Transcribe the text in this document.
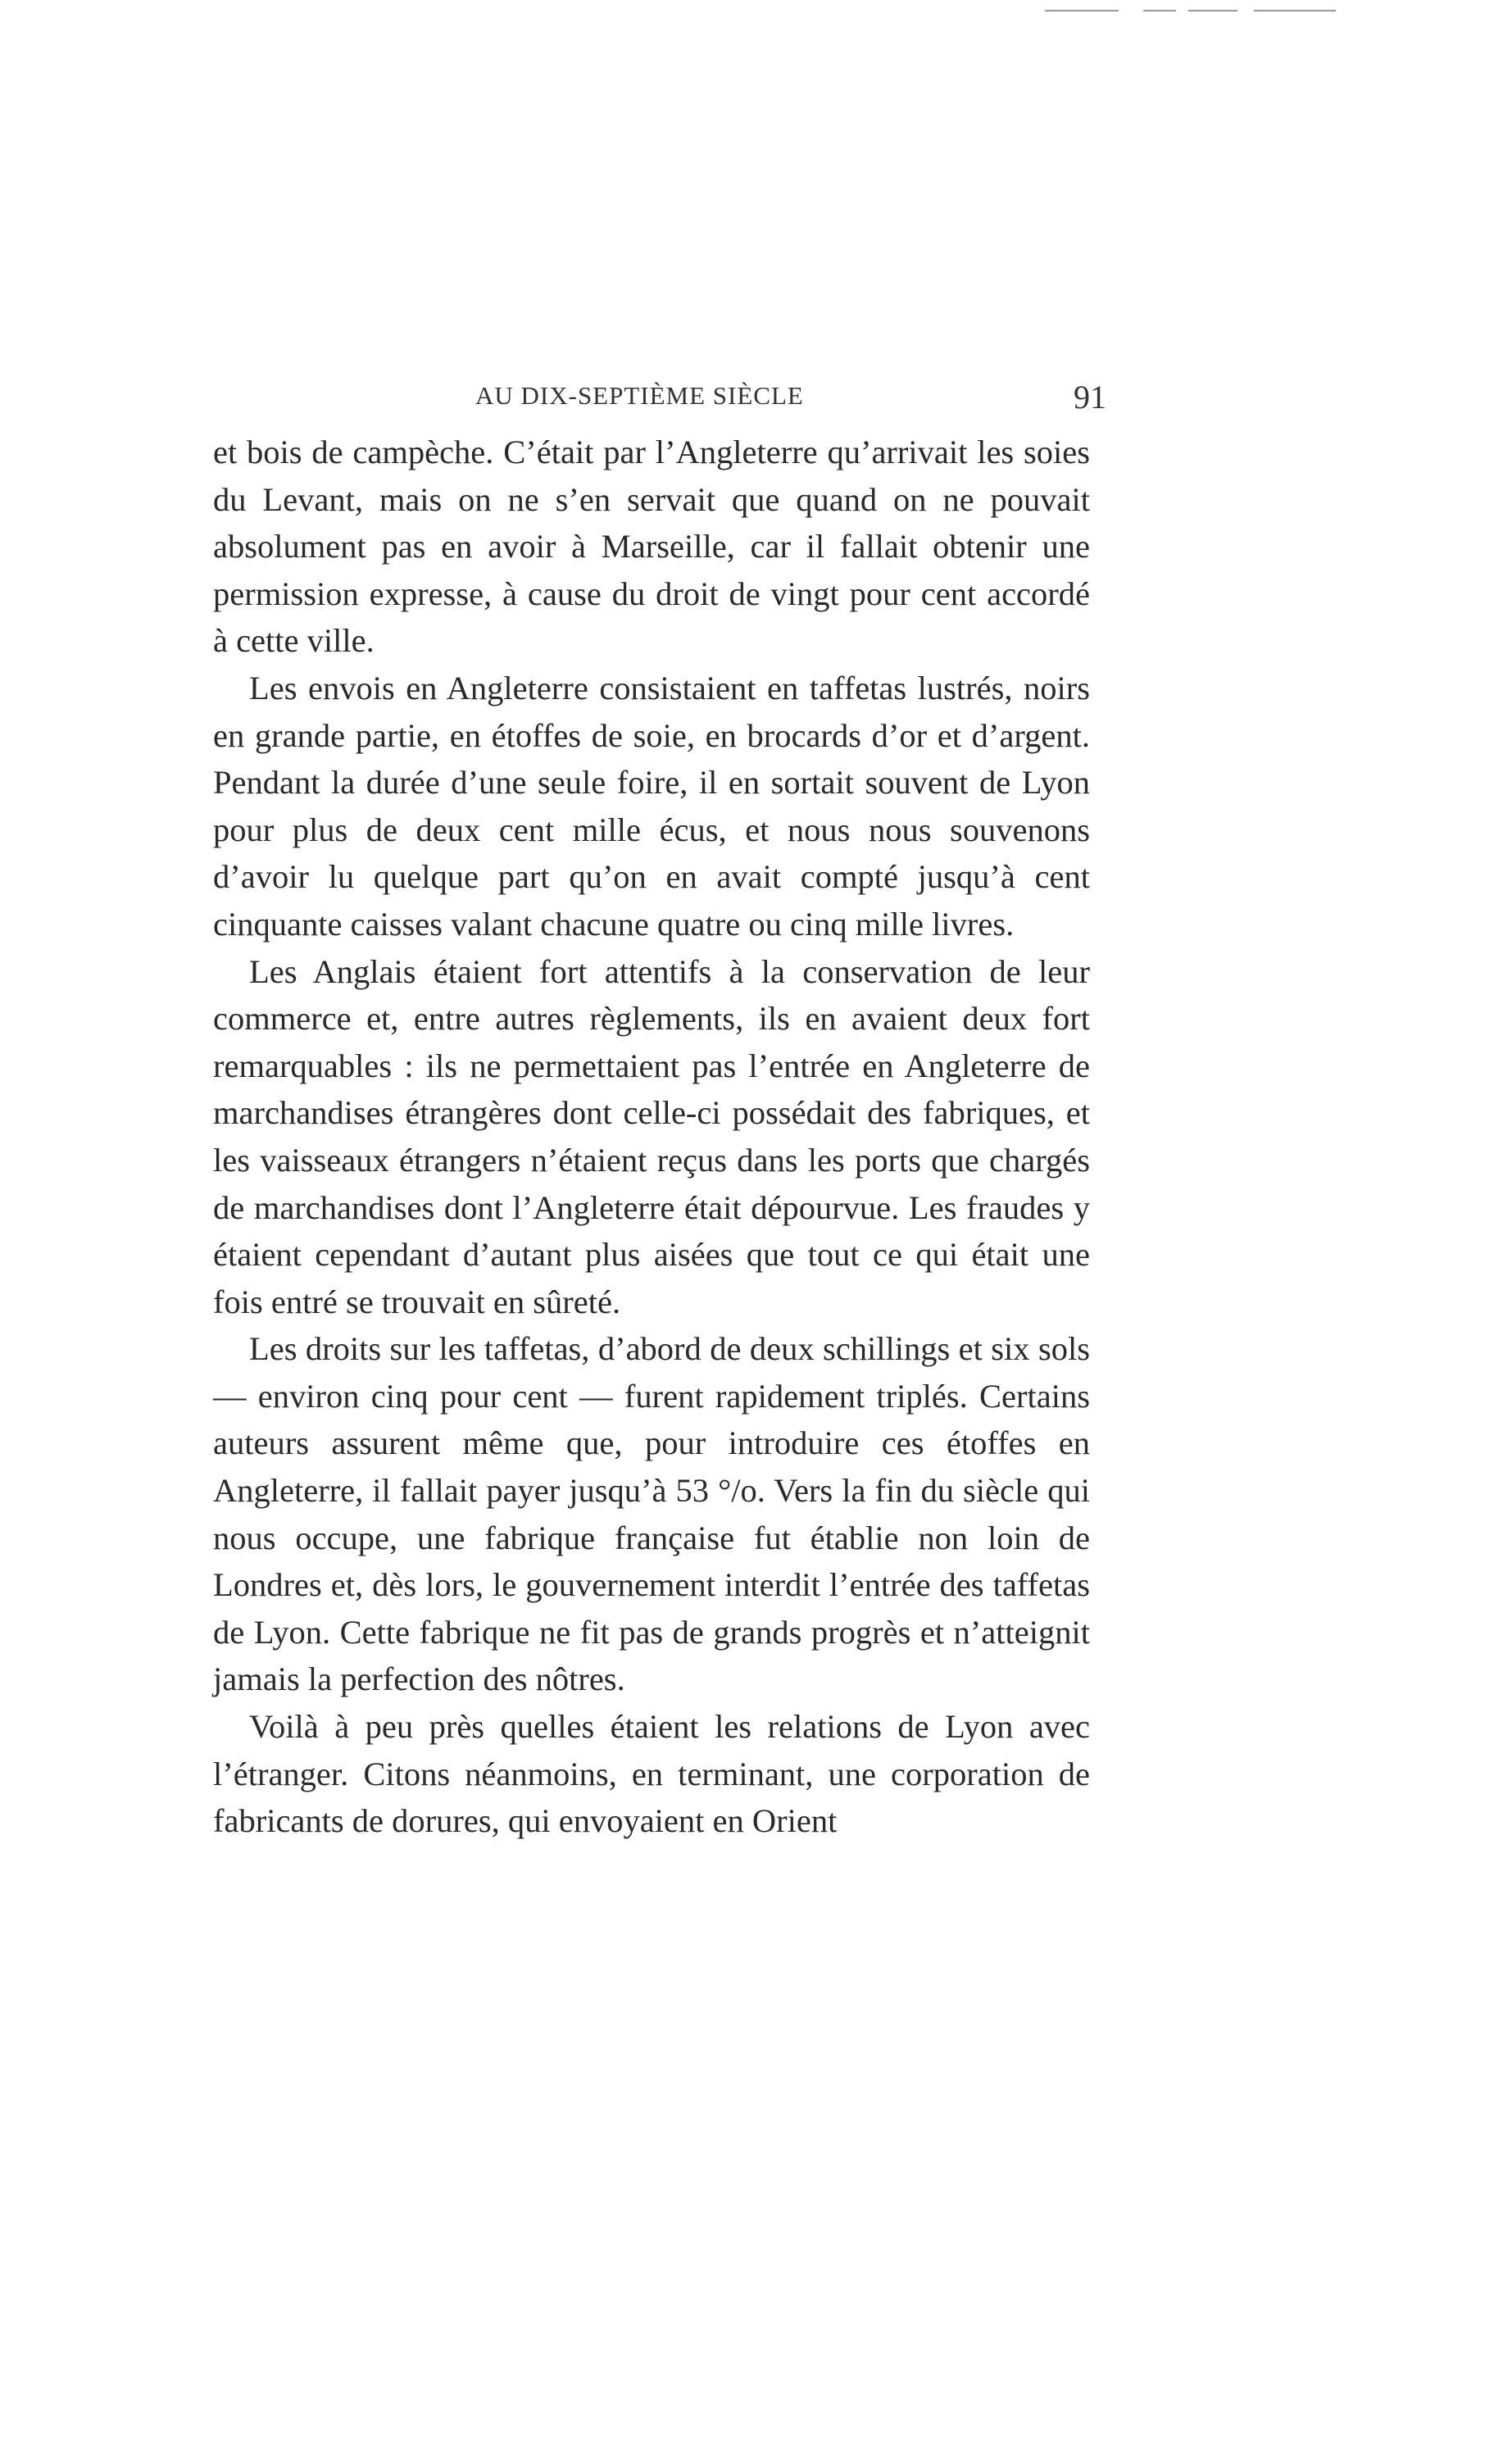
AU DIX-SEPTIÈME SIÈCLE	91

et bois de campèche. C’était par l’Angleterre qu’arrivait les soies du Levant, mais on ne s’en servait que quand on ne pouvait absolument pas en avoir à Marseille, car il fallait obtenir une permission expresse, à cause du droit de vingt pour cent accordé à cette ville.

Les envois en Angleterre consistaient en taffetas lustrés, noirs en grande partie, en étoffes de soie, en brocards d’or et d’argent. Pendant la durée d’une seule foire, il en sortait souvent de Lyon pour plus de deux cent mille écus, et nous nous souvenons d’avoir lu quelque part qu’on en avait compté jusqu’à cent cinquante caisses valant chacune quatre ou cinq mille livres.

Les Anglais étaient fort attentifs à la conservation de leur commerce et, entre autres règlements, ils en avaient deux fort remarquables : ils ne permettaient pas l’entrée en Angleterre de marchandises étrangères dont celle-ci possédait des fabriques, et les vaisseaux étrangers n’étaient reçus dans les ports que chargés de marchandises dont l’Angleterre était dépourvue. Les fraudes y étaient cependant d’autant plus aisées que tout ce qui était une fois entré se trouvait en sûreté.

Les droits sur les taffetas, d’abord de deux schillings et six sols — environ cinq pour cent — furent rapidement triplés. Certains auteurs assurent même que, pour introduire ces étoffes en Angleterre, il fallait payer jusqu’à 53 °/o. Vers la fin du siècle qui nous occupe, une fabrique française fut établie non loin de Londres et, dès lors, le gouvernement interdit l’entrée des taffetas de Lyon. Cette fabrique ne fit pas de grands progrès et n’atteignit jamais la perfection des nôtres.

Voilà à peu près quelles étaient les relations de Lyon avec l’étranger. Citons néanmoins, en terminant, une corporation de fabricants de dorures, qui envoyaient en Orient
